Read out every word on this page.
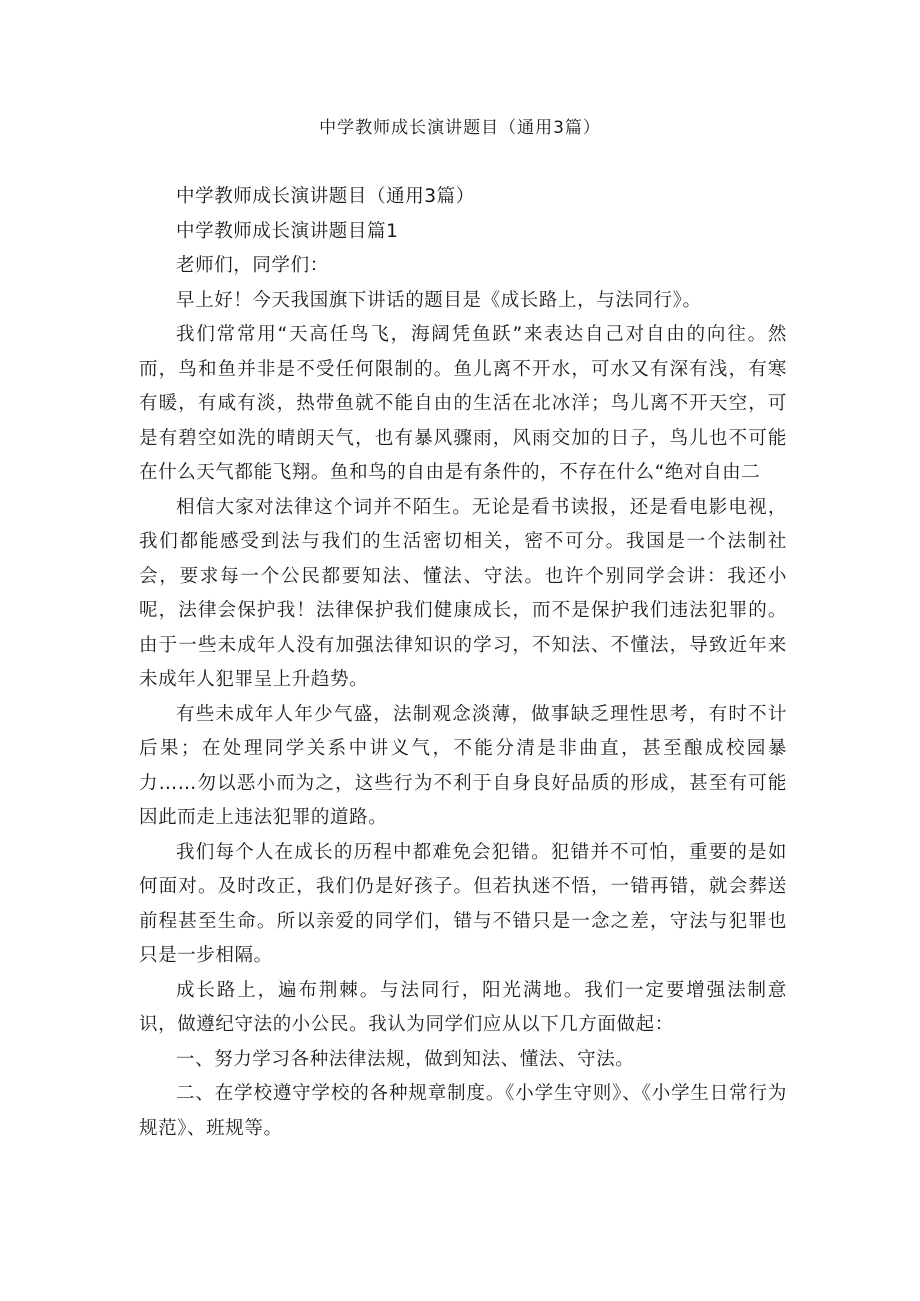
中学教师成长演讲题目（通用3篇）

中学教师成长演讲题目（通用3篇）

中学教师成长演讲题目篇1

老师们，同学们：

早上好！今天我国旗下讲话的题目是《成长路上，与法同行》。

我们常常用“天高任鸟飞，海阔凭鱼跃”来表达自己对自由的向往。然而，鸟和鱼并非是不受任何限制的。鱼儿离不开水，可水又有深有浅，有寒有暖，有咸有淡，热带鱼就不能自由的生活在北冰洋；鸟儿离不开天空，可是有碧空如洗的晴朗天气，也有暴风骤雨，风雨交加的日子，鸟儿也不可能在什么天气都能飞翔。鱼和鸟的自由是有条件的，不存在什么“绝对自由二

相信大家对法律这个词并不陌生。无论是看书读报，还是看电影电视，我们都能感受到法与我们的生活密切相关，密不可分。我国是一个法制社会，要求每一个公民都要知法、懂法、守法。也许个别同学会讲：我还小呢，法律会保护我！法律保护我们健康成长，而不是保护我们违法犯罪的。由于一些未成年人没有加强法律知识的学习，不知法、不懂法，导致近年来未成年人犯罪呈上升趋势。

有些未成年人年少气盛，法制观念淡薄，做事缺乏理性思考，有时不计后果；在处理同学关系中讲义气，不能分清是非曲直，甚至酿成校园暴力……勿以恶小而为之，这些行为不利于自身良好品质的形成，甚至有可能因此而走上违法犯罪的道路。

我们每个人在成长的历程中都难免会犯错。犯错并不可怕，重要的是如何面对。及时改正，我们仍是好孩子。但若执迷不悟，一错再错，就会葬送前程甚至生命。所以亲爱的同学们，错与不错只是一念之差，守法与犯罪也只是一步相隔。

成长路上，遍布荆棘。与法同行，阳光满地。我们一定要增强法制意识，做遵纪守法的小公民。我认为同学们应从以下几方面做起：

一、努力学习各种法律法规，做到知法、懂法、守法。

二、在学校遵守学校的各种规章制度。《小学生守则》、《小学生日常行为规范》、班规等。
